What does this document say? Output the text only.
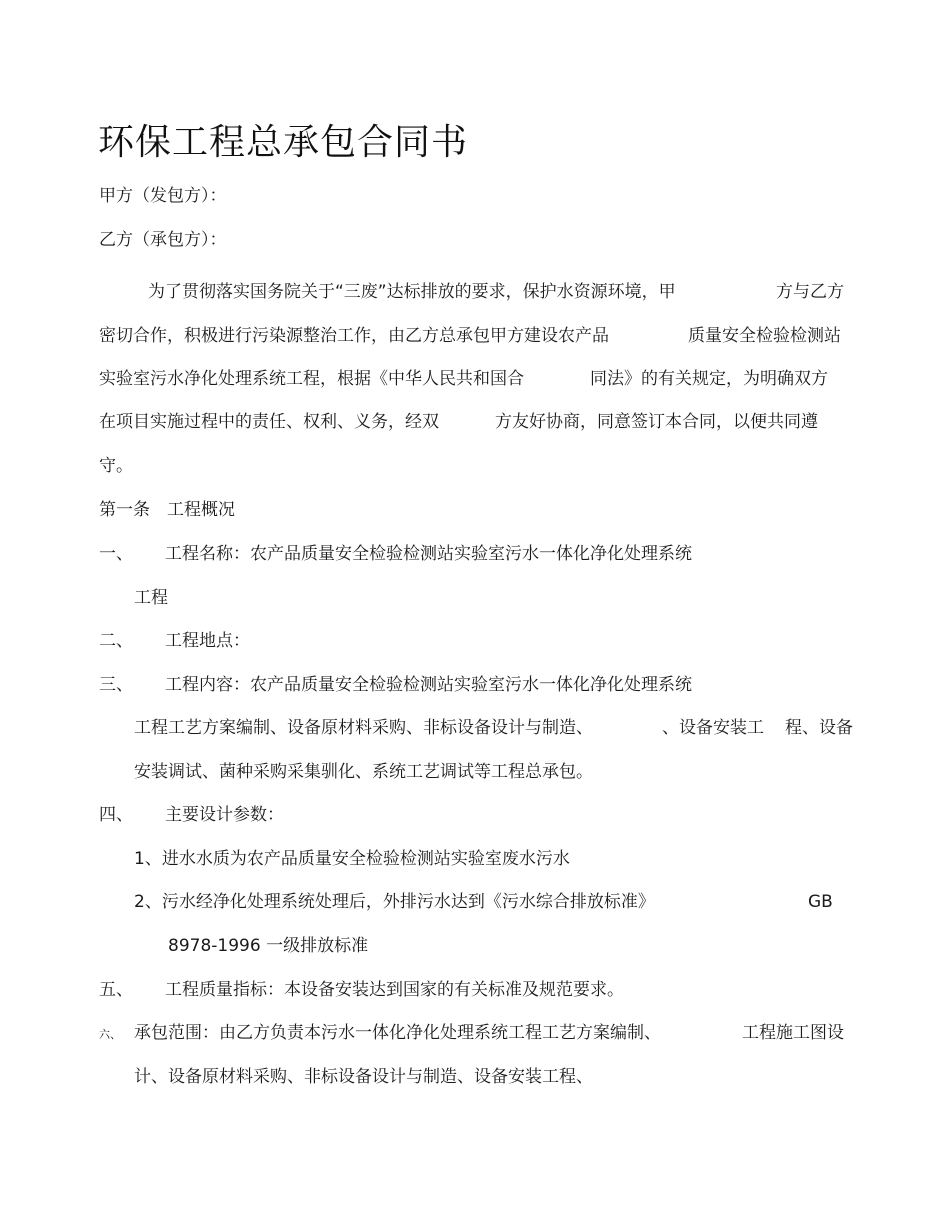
环保工程总承包合同书
甲方（发包方）：
乙方（承包方）：
为了贯彻落实国务院关于“三废”达标排放的要求，保护水资源环境，甲	方与乙方
密切合作，积极进行污染源整治工作，由乙方总承包甲方建设农产品	质量安全检验检测站
实验室污水净化处理系统工程，根据《中华人民共和国合	同法》的有关规定，为明确双方
在项目实施过程中的责任、权利、义务，经双	方友好协商，同意签订本合同，以便共同遵
守。
第一条　工程概况
一、 工程名称：农产品质量安全检验检测站实验室污水一体化净化处理系统
工程
二、 工程地点：
三、 工程内容：农产品质量安全检验检测站实验室污水一体化净化处理系统
工程工艺方案编制、设备原材料采购、非标设备设计与制造、	、设备安装工 程、设备
安装调试、菌种采购采集驯化、系统工艺调试等工程总承包。
四、 主要设计参数：
1、进水水质为农产品质量安全检验检测站实验室废水污水
2、污水经净化处理系统处理后，外排污水达到《污水综合排放标准》	GB
8978-1996 一级排放标准
五、 工程质量指标：本设备安装达到国家的有关标准及规范要求。
六、 承包范围：由乙方负责本污水一体化净化处理系统工程工艺方案编制、	工程施工图设
计、设备原材料采购、非标设备设计与制造、设备安装工程、
